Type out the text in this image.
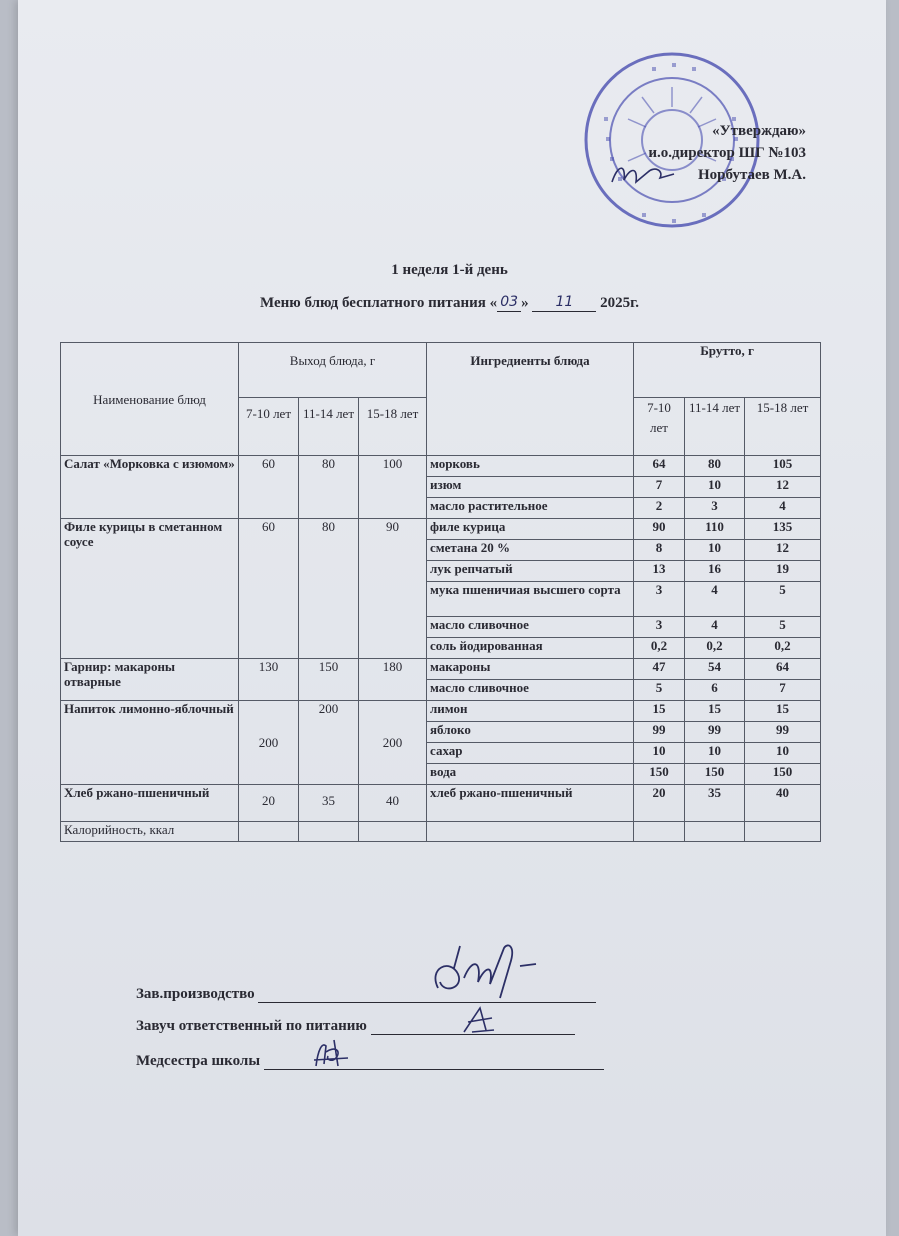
«Утверждаю»
и.о.директор ШГ №103
Норбутаев М.А.
1 неделя 1-й день
Меню блюд бесплатного питания « 03 » 11 2025г.
Наименование блюд	Выход блюда, г			Ингредиенты блюда	Брутто, г		
	7-10 лет	11-14 лет	15-18 лет		7-10 лет	11-14 лет	15-18 лет
Салат «Морковка с изюмом»	60	80	100	морковь	64	80	105
				изюм	7	10	12
				масло растительное	2	3	4
Филе курицы в сметанном соусе	60	80	90	филе курица	90	110	135
				сметана 20 %	8	10	12
				лук репчатый	13	16	19
				мука пшеничиая высшего сорта	3	4	5
				масло сливочное	3	4	5
				соль йодированная	0,2	0,2	0,2
Гарнир: макароны отварные	130	150	180	макароны	47	54	64
				масло сливочное	5	6	7
Напиток лимонно-яблочный	200	200	200	лимон	15	15	15
				яблоко	99	99	99
				сахар	10	10	10
				вода	150	150	150
Хлеб ржано-пшеничный	20	35	40	хлеб ржано-пшеничный	20	35	40
Калорийность, ккал							
Зав.производство
Завуч ответственный по питанию
Медсестра школы
